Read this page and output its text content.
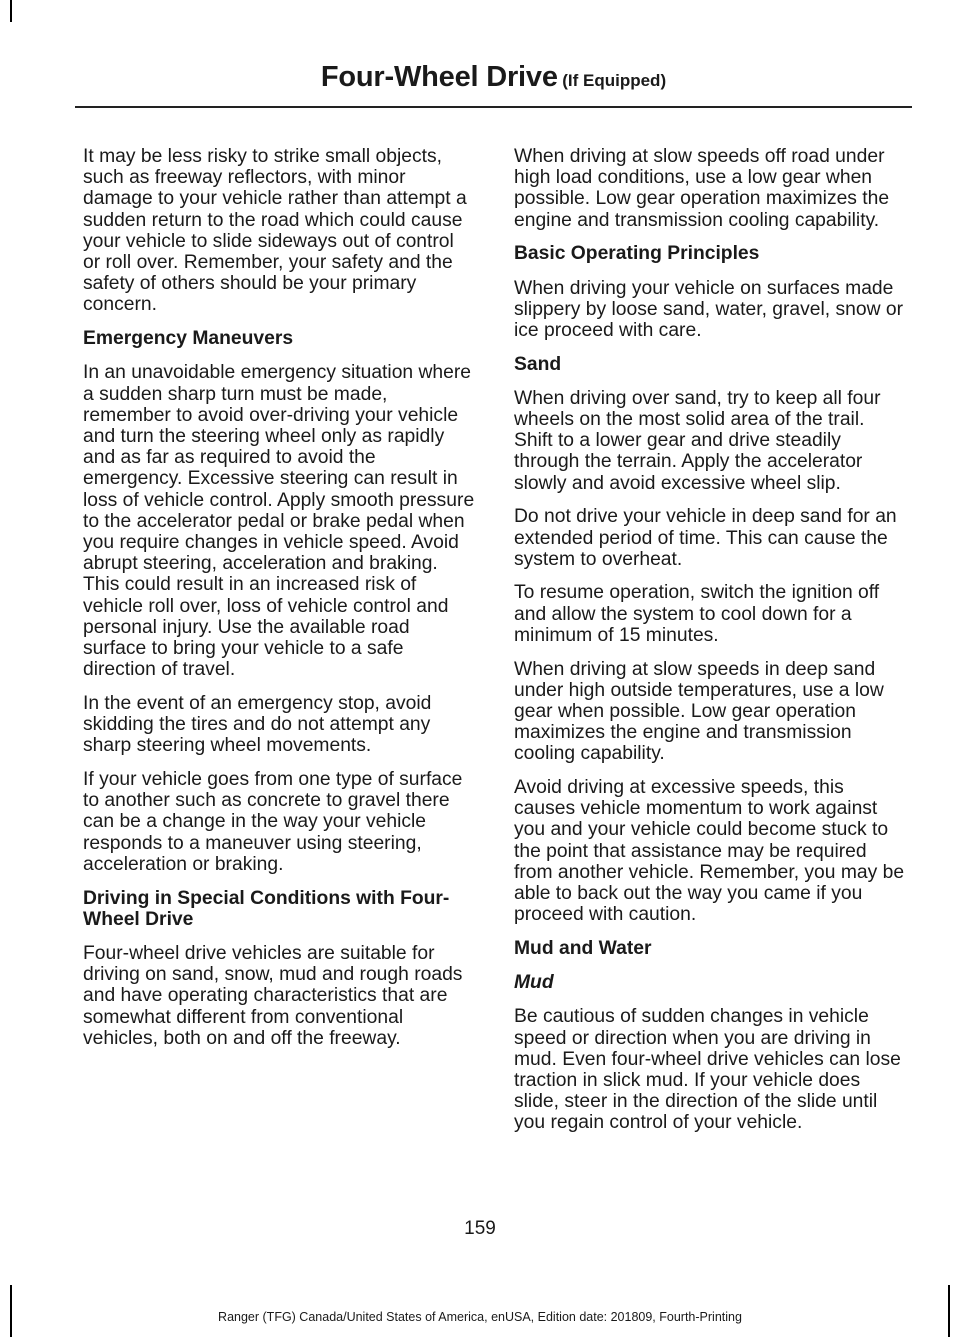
Four-Wheel Drive (If Equipped)

It may be less risky to strike small objects, such as freeway reflectors, with minor damage to your vehicle rather than attempt a sudden return to the road which could cause your vehicle to slide sideways out of control or roll over. Remember, your safety and the safety of others should be your primary concern.

Emergency Maneuvers

In an unavoidable emergency situation where a sudden sharp turn must be made, remember to avoid over-driving your vehicle and turn the steering wheel only as rapidly and as far as required to avoid the emergency. Excessive steering can result in loss of vehicle control. Apply smooth pressure to the accelerator pedal or brake pedal when you require changes in vehicle speed. Avoid abrupt steering, acceleration and braking. This could result in an increased risk of vehicle roll over, loss of vehicle control and personal injury. Use the available road surface to bring your vehicle to a safe direction of travel.

In the event of an emergency stop, avoid skidding the tires and do not attempt any sharp steering wheel movements.

If your vehicle goes from one type of surface to another such as concrete to gravel there can be a change in the way your vehicle responds to a maneuver using steering, acceleration or braking.

Driving in Special Conditions with Four-Wheel Drive

Four-wheel drive vehicles are suitable for driving on sand, snow, mud and rough roads and have operating characteristics that are somewhat different from conventional vehicles, both on and off the freeway.

When driving at slow speeds off road under high load conditions, use a low gear when possible. Low gear operation maximizes the engine and transmission cooling capability.

Basic Operating Principles

When driving your vehicle on surfaces made slippery by loose sand, water, gravel, snow or ice proceed with care.

Sand

When driving over sand, try to keep all four wheels on the most solid area of the trail. Shift to a lower gear and drive steadily through the terrain. Apply the accelerator slowly and avoid excessive wheel slip.

Do not drive your vehicle in deep sand for an extended period of time. This can cause the system to overheat.

To resume operation, switch the ignition off and allow the system to cool down for a minimum of 15 minutes.

When driving at slow speeds in deep sand under high outside temperatures, use a low gear when possible. Low gear operation maximizes the engine and transmission cooling capability.

Avoid driving at excessive speeds, this causes vehicle momentum to work against you and your vehicle could become stuck to the point that assistance may be required from another vehicle. Remember, you may be able to back out the way you came if you proceed with caution.

Mud and Water
Mud

Be cautious of sudden changes in vehicle speed or direction when you are driving in mud. Even four-wheel drive vehicles can lose traction in slick mud. If your vehicle does slide, steer in the direction of the slide until you regain control of your vehicle.

159
Ranger (TFG) Canada/United States of America, enUSA, Edition date: 201809, Fourth-Printing
